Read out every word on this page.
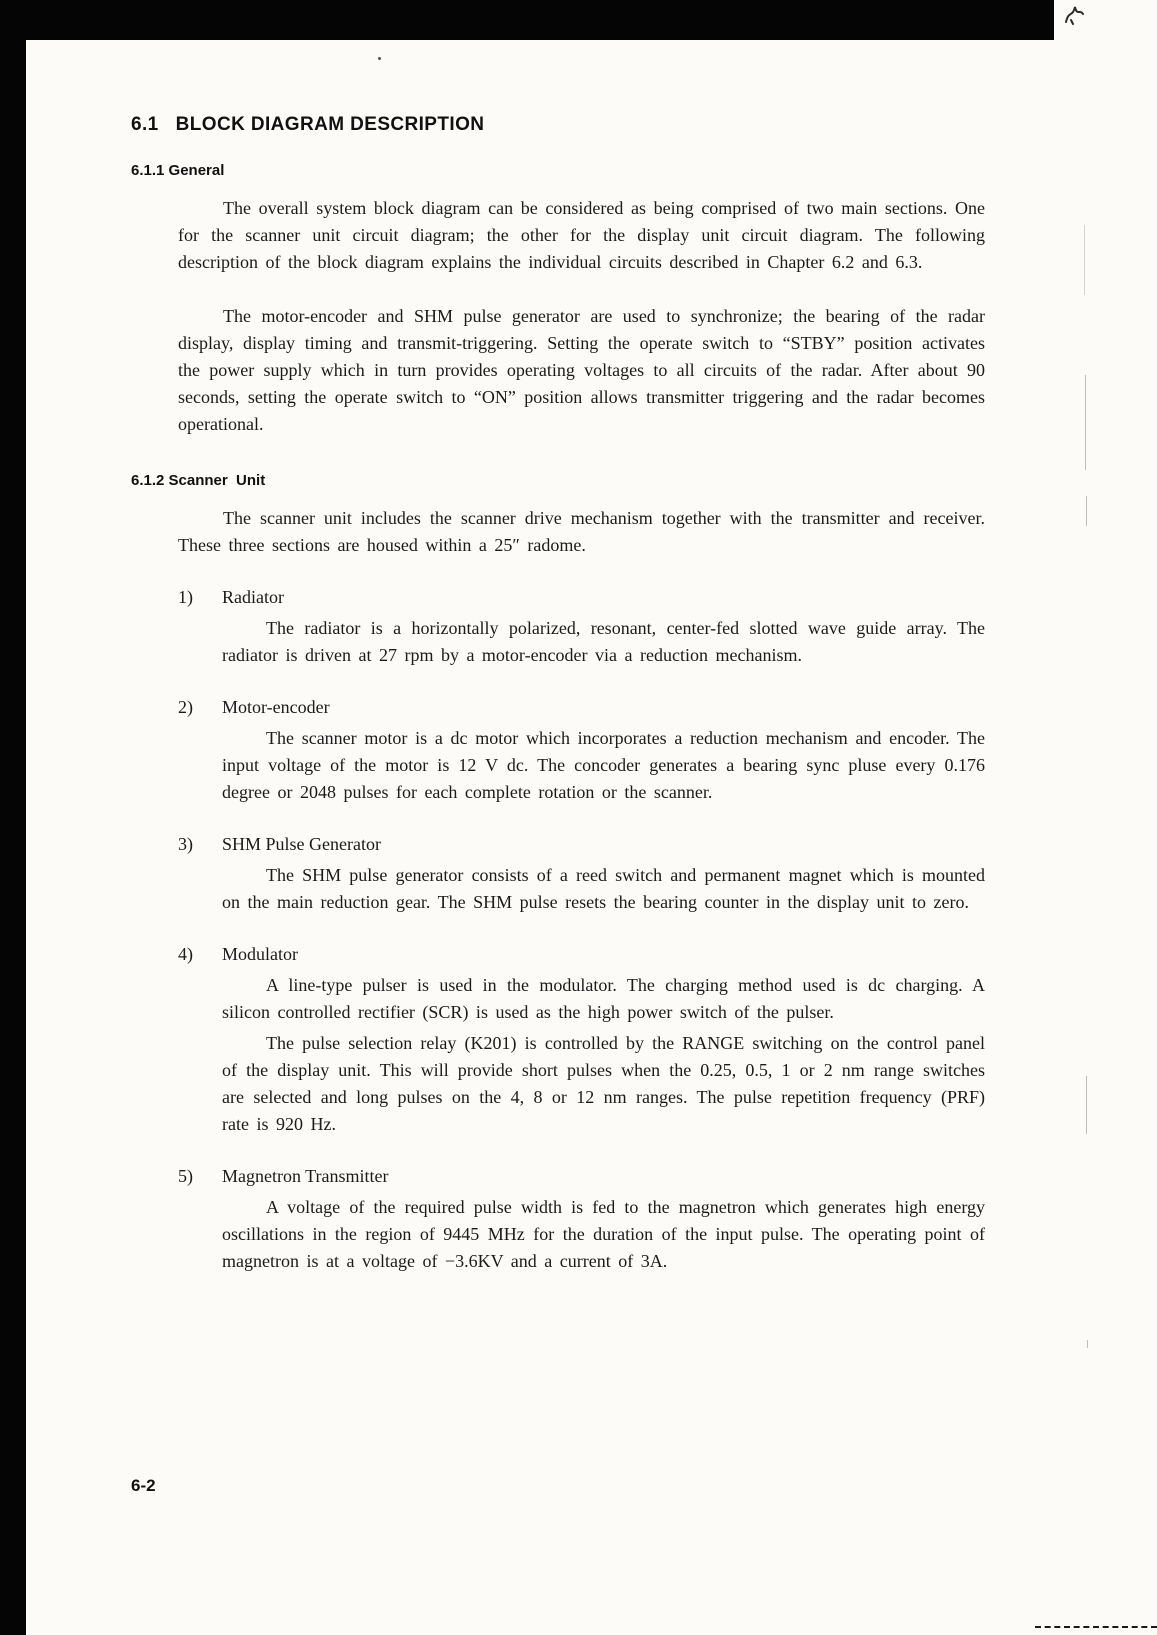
6.1   BLOCK DIAGRAM DESCRIPTION
6.1.1 General

The overall system block diagram can be considered as being comprised of two main sections. One for the scanner unit circuit diagram; the other for the display unit circuit diagram. The following description of the block diagram explains the individual circuits described in Chapter 6.2 and 6.3.

The motor-encoder and SHM pulse generator are used to synchronize; the bearing of the radar display, display timing and transmit-triggering. Setting the operate switch to “STBY” position activates the power supply which in turn provides operating voltages to all circuits of the radar. After about 90 seconds, setting the operate switch to “ON” position allows transmitter triggering and the radar becomes operational.

6.1.2 Scanner  Unit

The scanner unit includes the scanner drive mechanism together with the transmitter and receiver. These three sections are housed within a 25″ radome.

1)	Radiator

The radiator is a horizontally polarized, resonant, center-fed slotted wave guide array. The radiator is driven at 27 rpm by a motor-encoder via a reduction mechanism.

2)	Motor-encoder

The scanner motor is a dc motor which incorporates a reduction mechanism and encoder. The input voltage of the motor is 12 V dc. The concoder generates a bearing sync pluse every 0.176 degree or 2048 pulses for each complete rotation or the scanner.

3)	SHM Pulse Generator

The SHM pulse generator consists of a reed switch and permanent magnet which is mounted on the main reduction gear. The SHM pulse resets the bearing counter in the display unit to zero.

4)	Modulator

A line-type pulser is used in the modulator. The charging method used is dc charging. A silicon controlled rectifier (SCR) is used as the high power switch of the pulser.

The pulse selection relay (K201) is controlled by the RANGE switching on the control panel of the display unit. This will provide short pulses when the 0.25, 0.5, 1 or 2 nm range switches are selected and long pulses on the 4, 8 or 12 nm ranges. The pulse repetition frequency (PRF) rate is 920 Hz.

5)	Magnetron Transmitter

A voltage of the required pulse width is fed to the magnetron which generates high energy oscillations in the region of 9445 MHz for the duration of the input pulse. The operating point of magnetron is at a voltage of −3.6KV and a current of 3A.

6-2
